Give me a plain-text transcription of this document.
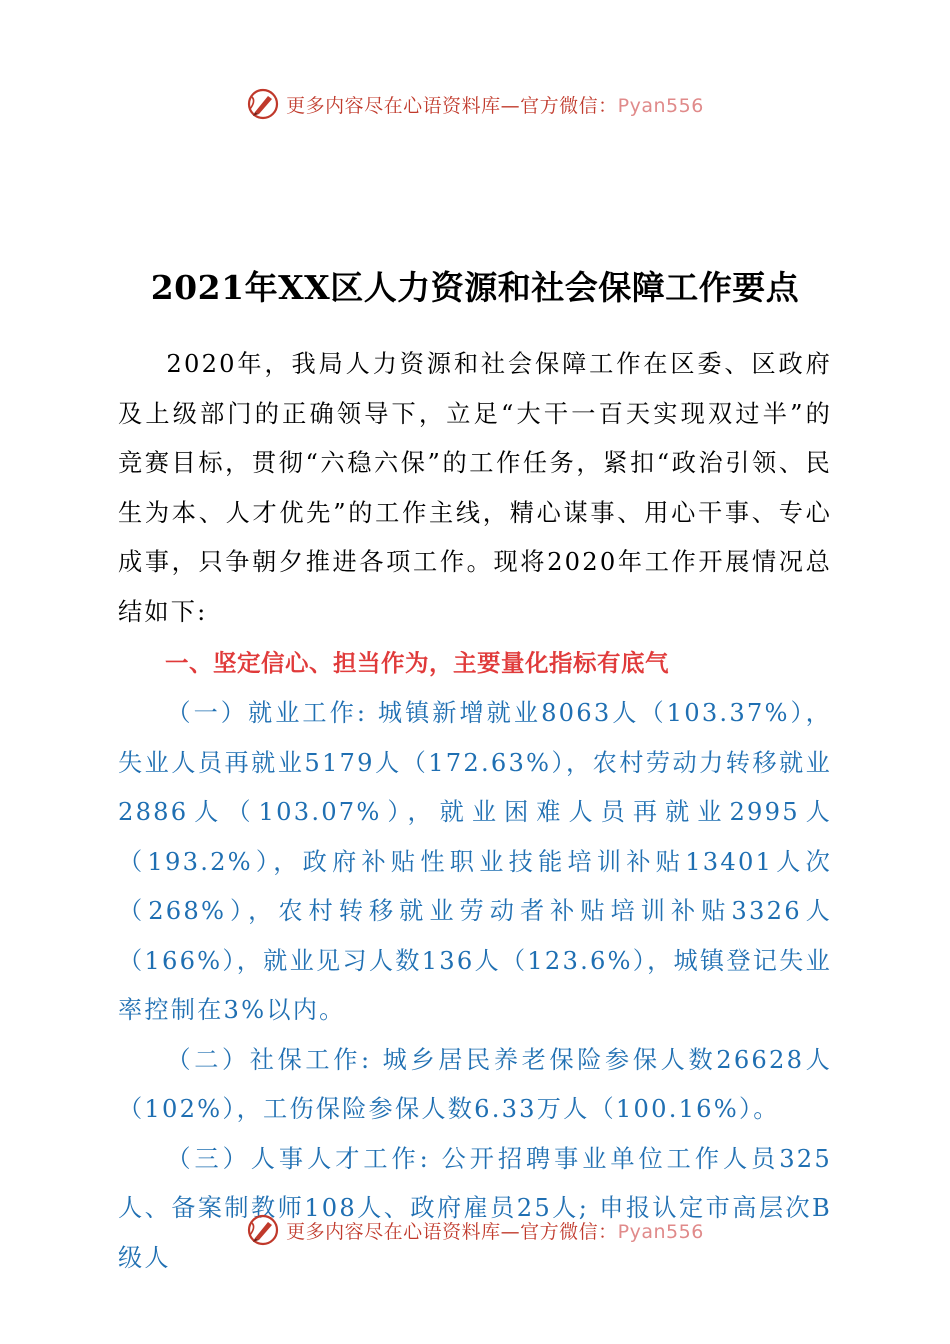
更多内容尽在心语资料库—官方微信：Pyan556
2021年XX区人力资源和社会保障工作要点

2020年，我局人力资源和社会保障工作在区委、区政府及上级部门的正确领导下，立足“大干一百天实现双过半”的竞赛目标，贯彻“六稳六保”的工作任务，紧扣“政治引领、民生为本、人才优先”的工作主线，精心谋事、用心干事、专心成事，只争朝夕推进各项工作。现将2020年工作开展情况总结如下:

一、坚定信心、担当作为，主要量化指标有底气

（一）就业工作: 城镇新增就业8063人（103.37%），失业人员再就业5179人（172.63%），农村劳动力转移就业2886人（103.07%），就业困难人员再就业2995人（193.2%），政府补贴性职业技能培训补贴13401人次（268%），农村转移就业劳动者补贴培训补贴3326人（166%），就业见习人数136人（123.6%），城镇登记失业率控制在3%以内。

（二）社保工作: 城乡居民养老保险参保人数26628人（102%），工伤保险参保人数6.33万人（100.16%）。

（三）人事人才工作: 公开招聘事业单位工作人员325人、备案制教师108人、政府雇员25人; 申报认定市高层次B级人

更多内容尽在心语资料库—官方微信：Pyan556
